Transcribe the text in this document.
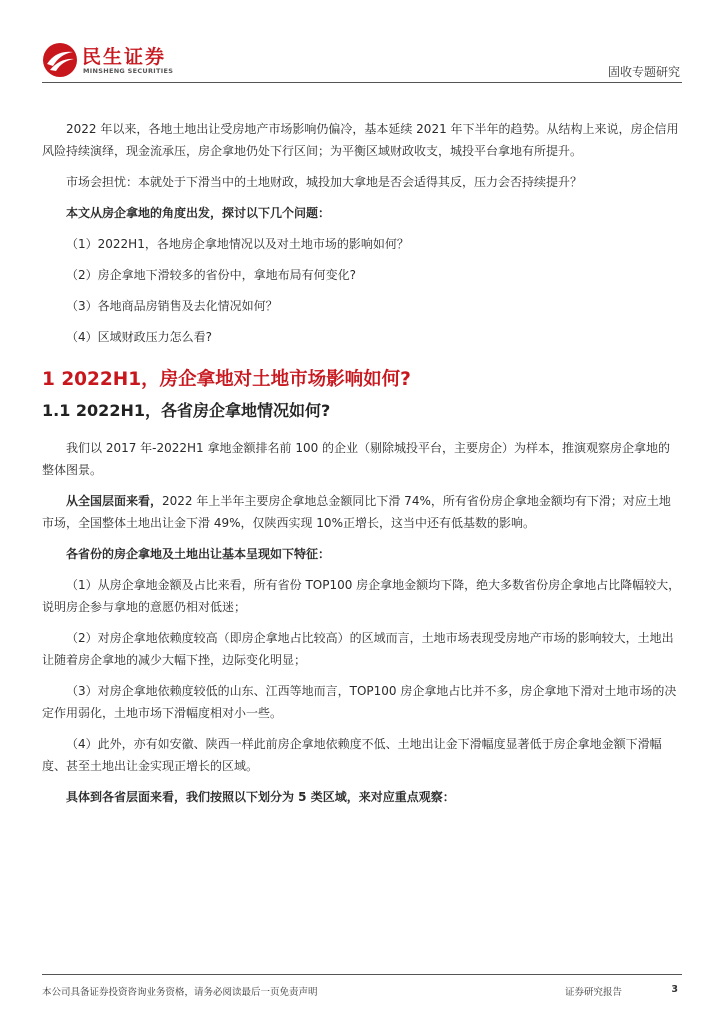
民生证券
MINSHENG SECURITIES	固收专题研究

2022 年以来，各地土地出让受房地产市场影响仍偏冷，基本延续 2021 年下半年的趋势。从结构上来说，房企信用风险持续演绎，现金流承压，房企拿地仍处下行区间；为平衡区域财政收支，城投平台拿地有所提升。

市场会担忧：本就处于下滑当中的土地财政，城投加大拿地是否会适得其反，压力会否持续提升？

本文从房企拿地的角度出发，探讨以下几个问题：

（1）2022H1，各地房企拿地情况以及对土地市场的影响如何？

（2）房企拿地下滑较多的省份中，拿地布局有何变化?

（3）各地商品房销售及去化情况如何？

（4）区域财政压力怎么看?

1 2022H1，房企拿地对土地市场影响如何?
1.1 2022H1，各省房企拿地情况如何?

我们以 2017 年-2022H1 拿地金额排名前 100 的企业（剔除城投平台，主要房企）为样本，推演观察房企拿地的整体图景。

从全国层面来看，2022 年上半年主要房企拿地总金额同比下滑 74%，所有省份房企拿地金额均有下滑；对应土地市场，全国整体土地出让金下滑 49%，仅陕西实现 10%正增长，这当中还有低基数的影响。

各省份的房企拿地及土地出让基本呈现如下特征：

（1）从房企拿地金额及占比来看，所有省份 TOP100 房企拿地金额均下降，绝大多数省份房企拿地占比降幅较大，说明房企参与拿地的意愿仍相对低迷；

（2）对房企拿地依赖度较高（即房企拿地占比较高）的区域而言，土地市场表现受房地产市场的影响较大，土地出让随着房企拿地的减少大幅下挫，边际变化明显；

（3）对房企拿地依赖度较低的山东、江西等地而言，TOP100 房企拿地占比并不多，房企拿地下滑对土地市场的决定作用弱化，土地市场下滑幅度相对小一些。

（4）此外，亦有如安徽、陕西一样此前房企拿地依赖度不低、土地出让金下滑幅度显著低于房企拿地金额下滑幅度、甚至土地出让金实现正增长的区域。

具体到各省层面来看，我们按照以下划分为 5 类区域，来对应重点观察：

本公司具备证券投资咨询业务资格，请务必阅读最后一页免责声明	证券研究报告	3
